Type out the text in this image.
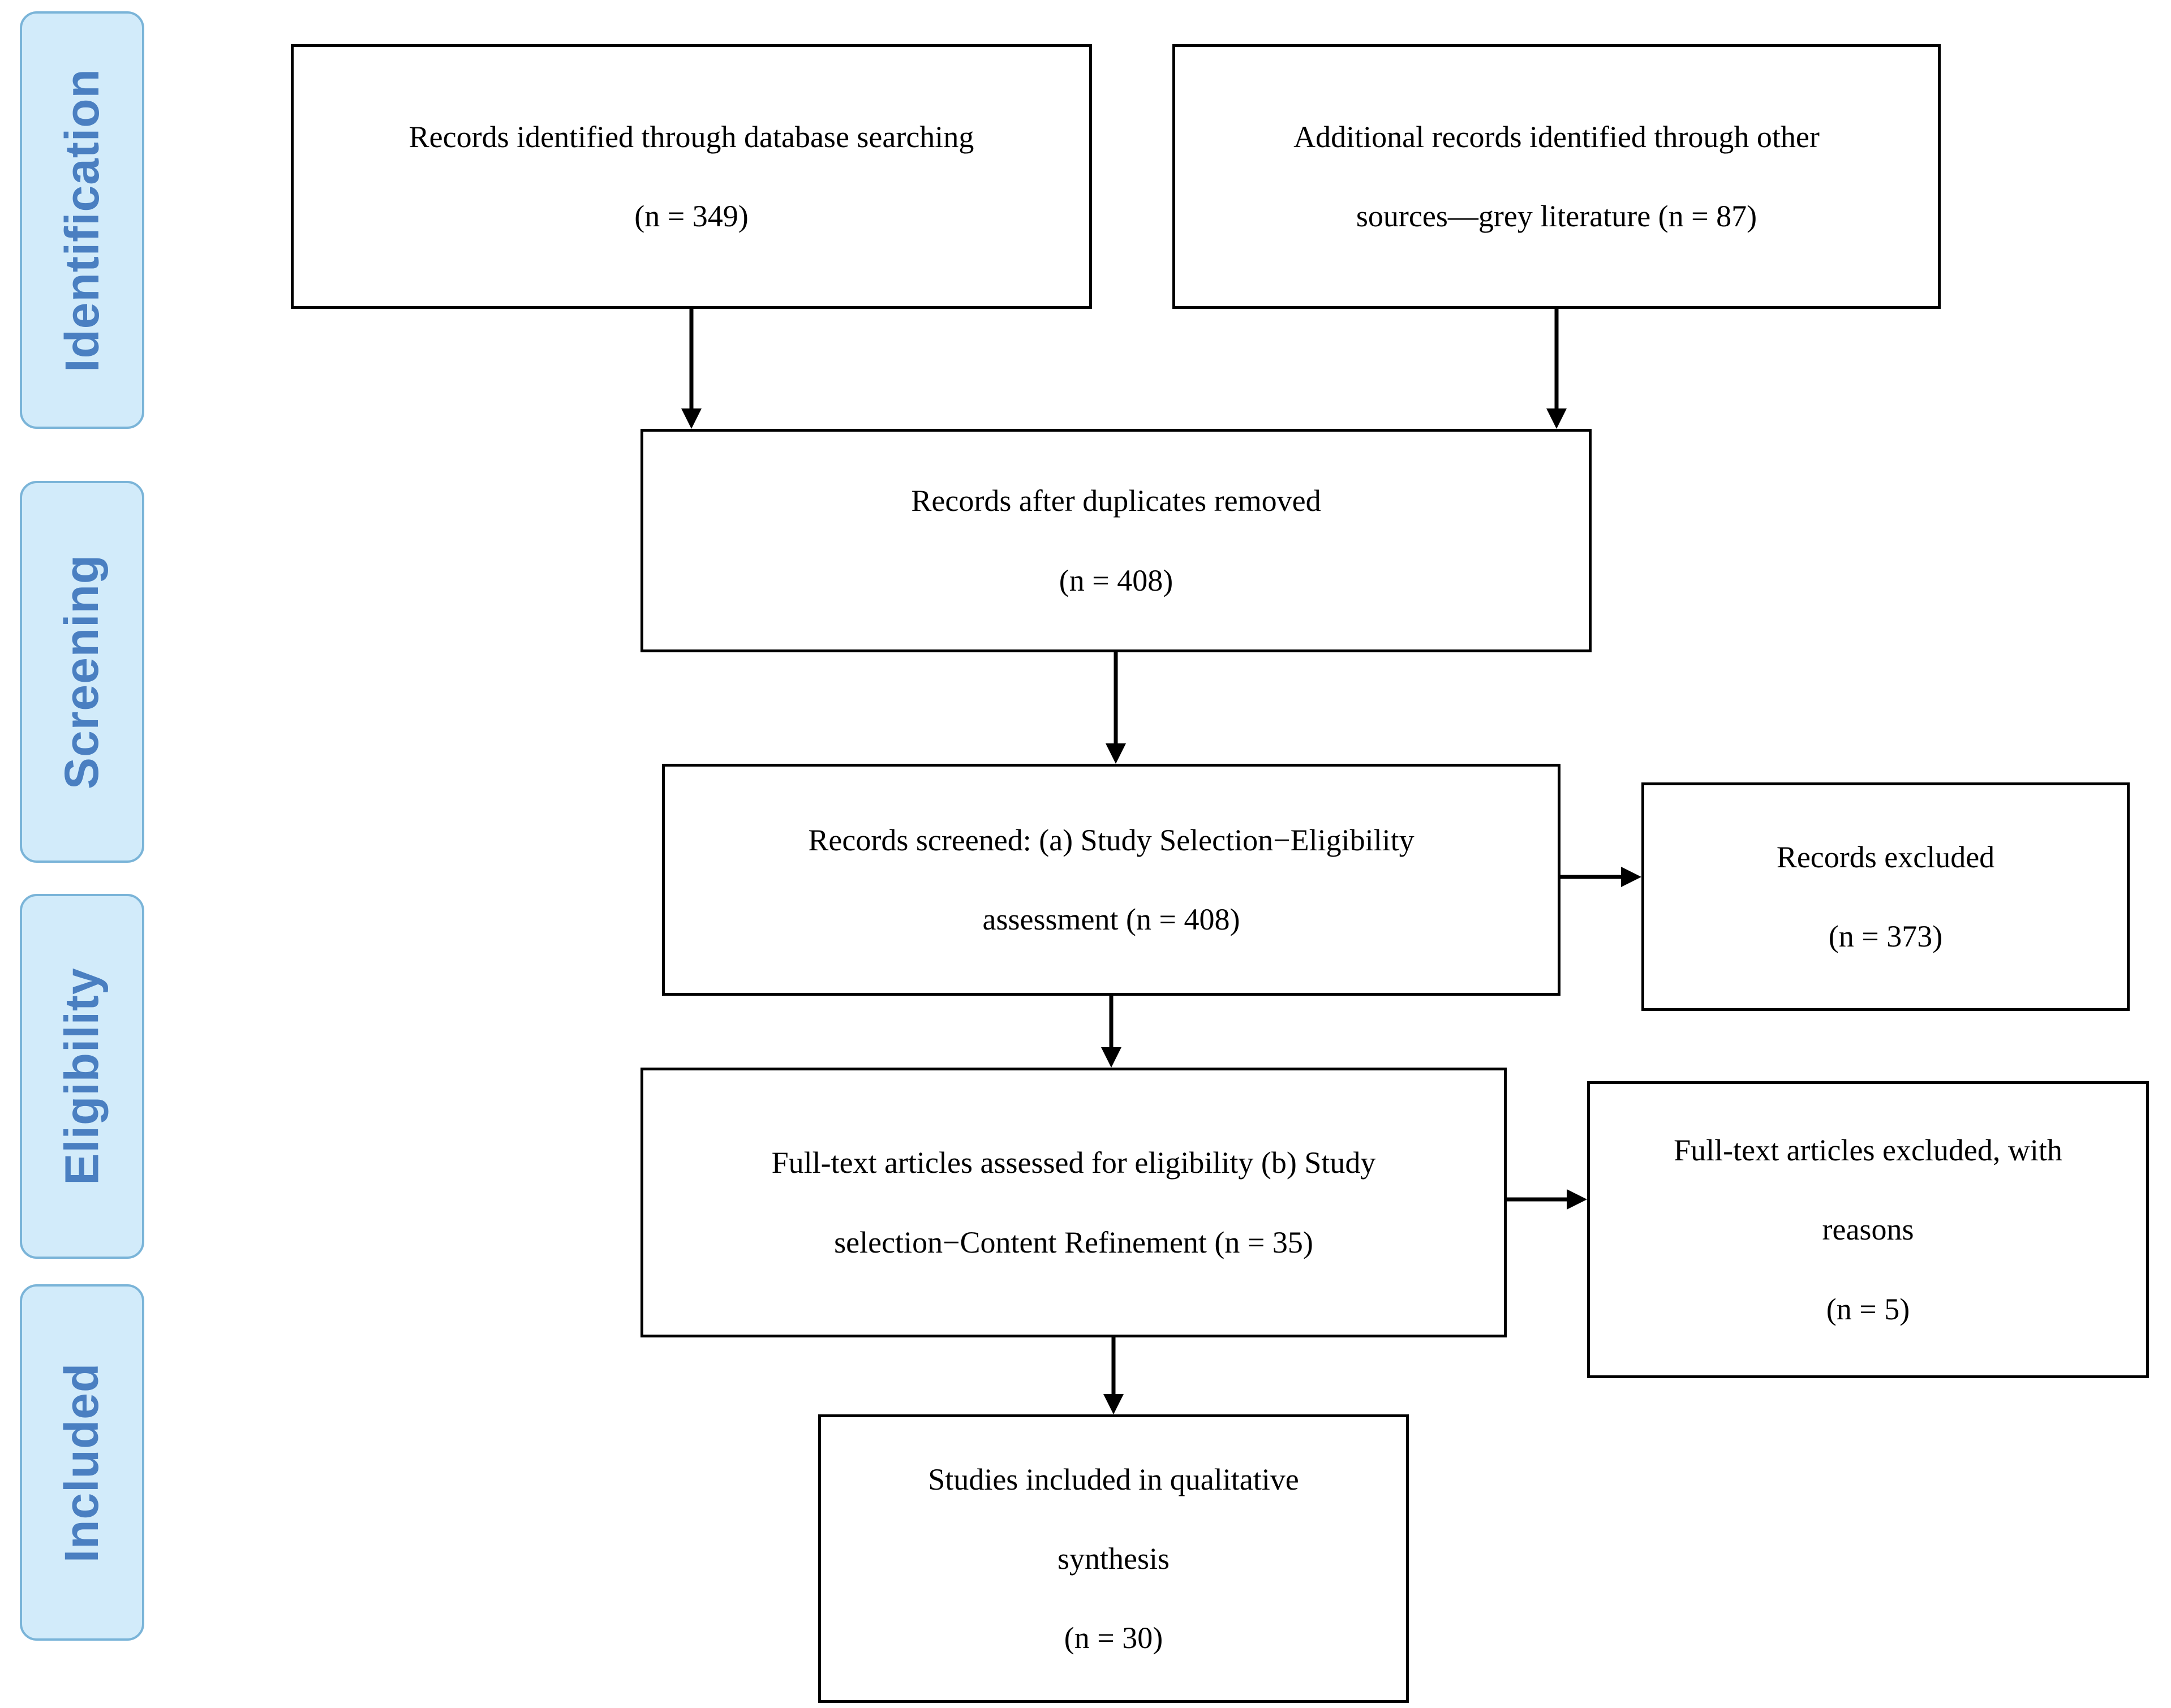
Identification
Screening
Eligibility
Included
Records identified through database searching
(n = 349)
Additional records identified through other
sources—grey literature (n = 87)
Records after duplicates removed
(n = 408)
Records screened: (a) Study Selection−Eligibility
assessment (n = 408)
Records excluded
(n = 373)
Full-text articles assessed for eligibility (b) Study
selection−Content Refinement (n = 35)
Full-text articles excluded, with
reasons
(n = 5)
Studies included in qualitative
synthesis
(n = 30)
